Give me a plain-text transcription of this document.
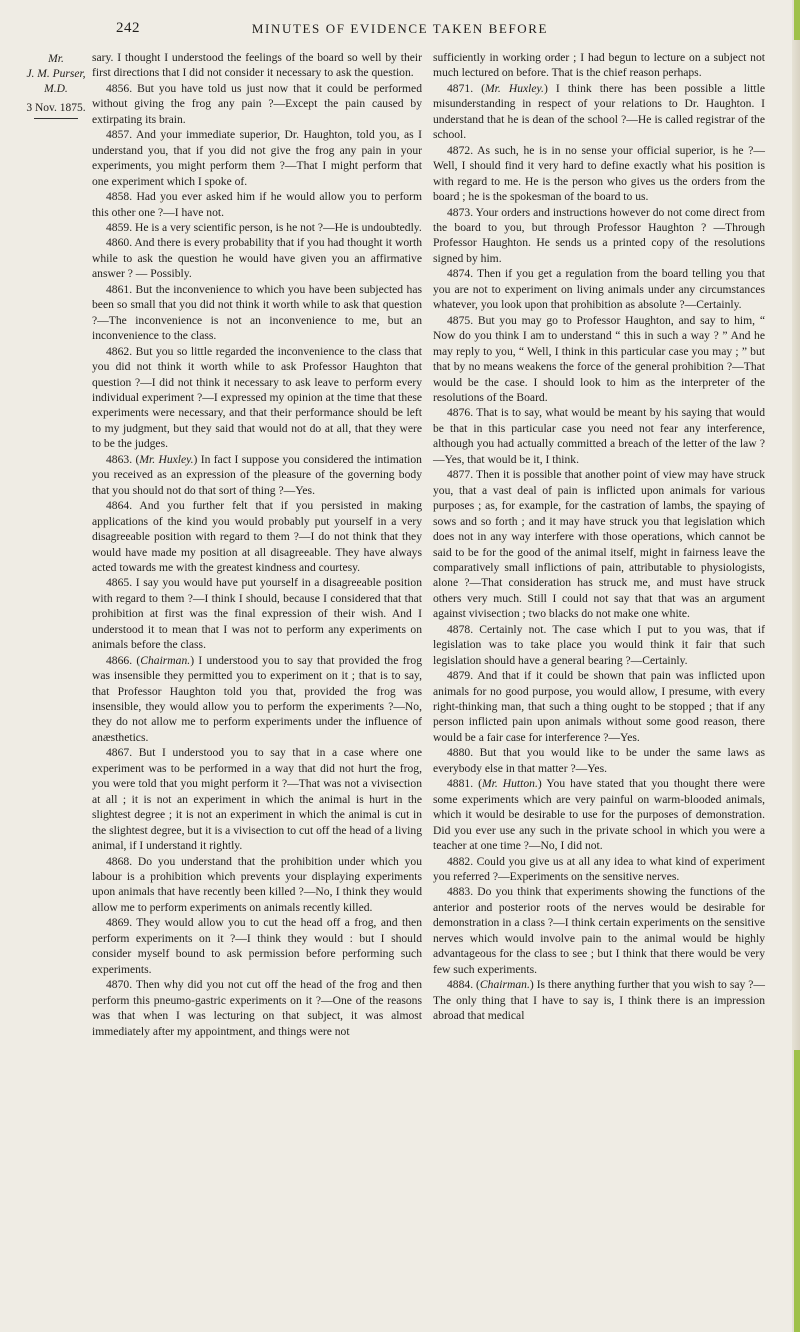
242	MINUTES OF EVIDENCE TAKEN BEFORE
Mr.
J. M. Purser,
M.D.
3 Nov. 1875.

sary. I thought I understood the feelings of the board so well by their first directions that I did not consider it necessary to ask the question.

4856. But you have told us just now that it could be performed without giving the frog any pain ?—Except the pain caused by extirpating its brain.

4857. And your immediate superior, Dr. Haughton, told you, as I understand you, that if you did not give the frog any pain in your experiments, you might perform them ?—That I might perform that one experiment which I spoke of.

4858. Had you ever asked him if he would allow you to perform this other one ?—I have not.

4859. He is a very scientific person, is he not ?—He is undoubtedly.

4860. And there is every probability that if you had thought it worth while to ask the question he would have given you an affirmative answer ? — Possibly.

4861. But the inconvenience to which you have been subjected has been so small that you did not think it worth while to ask that question ?—The inconvenience is not an inconvenience to me, but an inconvenience to the class.

4862. But you so little regarded the inconvenience to the class that you did not think it worth while to ask Professor Haughton that question ?—I did not think it necessary to ask leave to perform every individual experiment ?—I expressed my opinion at the time that these experiments were necessary, and that their performance should be left to my judgment, but they said that would not do at all, that they were to be the judges.

4863. (Mr. Huxley.) In fact I suppose you considered the intimation you received as an expression of the pleasure of the governing body that you should not do that sort of thing ?—Yes.

4864. And you further felt that if you persisted in making applications of the kind you would probably put yourself in a very disagreeable position with regard to them ?—I do not think that they would have made my position at all disagreeable. They have always acted towards me with the greatest kindness and courtesy.

4865. I say you would have put yourself in a disagreeable position with regard to them ?—I think I should, because I considered that that prohibition at first was the final expression of their wish. And I understood it to mean that I was not to perform any experiments on animals before the class.

4866. (Chairman.) I understood you to say that provided the frog was insensible they permitted you to experiment on it ; that is to say, that Professor Haughton told you that, provided the frog was insensible, they would allow you to perform the experiments ?—No, they do not allow me to perform experiments under the influence of anæsthetics.

4867. But I understood you to say that in a case where one experiment was to be performed in a way that did not hurt the frog, you were told that you might perform it ?—That was not a vivisection at all ; it is not an experiment in which the animal is hurt in the slightest degree ; it is not an experiment in which the animal is cut in the slightest degree, but it is a vivisection to cut off the head of a living animal, if I understand it rightly.

4868. Do you understand that the prohibition under which you labour is a prohibition which prevents your displaying experiments upon animals that have recently been killed ?—No, I think they would allow me to perform experiments on animals recently killed.

4869. They would allow you to cut the head off a frog, and then perform experiments on it ?—I think they would : but I should consider myself bound to ask permission before performing such experiments.

4870. Then why did you not cut off the head of the frog and then perform this pneumo-gastric experiments on it ?—One of the reasons was that when I was lecturing on that subject, it was almost immediately after my appointment, and things were not

sufficiently in working order ; I had begun to lecture on a subject not much lectured on before. That is the chief reason perhaps.

4871. (Mr. Huxley.) I think there has been possible a little misunderstanding in respect of your relations to Dr. Haughton. I understand that he is dean of the school ?—He is called registrar of the school.

4872. As such, he is in no sense your official superior, is he ?—Well, I should find it very hard to define exactly what his position is with regard to me. He is the person who gives us the orders from the board ; he is the spokesman of the board to us.

4873. Your orders and instructions however do not come direct from the board to you, but through Professor Haughton ? —Through Professor Haughton. He sends us a printed copy of the resolutions signed by him.

4874. Then if you get a regulation from the board telling you that you are not to experiment on living animals under any circumstances whatever, you look upon that prohibition as absolute ?—Certainly.

4875. But you may go to Professor Haughton, and say to him, “ Now do you think I am to understand “ this in such a way ? ” And he may reply to you, “ Well, I think in this particular case you may ; ” but that by no means weakens the force of the general prohibition ?—That would be the case. I should look to him as the interpreter of the resolutions of the Board.

4876. That is to say, what would be meant by his saying that would be that in this particular case you need not fear any interference, although you had actually committed a breach of the letter of the law ? —Yes, that would be it, I think.

4877. Then it is possible that another point of view may have struck you, that a vast deal of pain is inflicted upon animals for various purposes ; as, for example, for the castration of lambs, the spaying of sows and so forth ; and it may have struck you that legislation which does not in any way interfere with those operations, which cannot be said to be for the good of the animal itself, might in fairness leave the comparatively small inflictions of pain, attributable to physiologists, alone ?—That consideration has struck me, and must have struck others very much. Still I could not say that that was an argument against vivisection ; two blacks do not make one white.

4878. Certainly not. The case which I put to you was, that if legislation was to take place you would think it fair that such legislation should have a general bearing ?—Certainly.

4879. And that if it could be shown that pain was inflicted upon animals for no good purpose, you would allow, I presume, with every right-thinking man, that such a thing ought to be stopped ; that if any person inflicted pain upon animals without some good reason, there would be a fair case for interference ?—Yes.

4880. But that you would like to be under the same laws as everybody else in that matter ?—Yes.

4881. (Mr. Hutton.) You have stated that you thought there were some experiments which are very painful on warm-blooded animals, which it would be desirable to use for the purposes of demonstration. Did you ever use any such in the private school in which you were a teacher at one time ?—No, I did not.

4882. Could you give us at all any idea to what kind of experiment you referred ?—Experiments on the sensitive nerves.

4883. Do you think that experiments showing the functions of the anterior and posterior roots of the nerves would be desirable for demonstration in a class ?—I think certain experiments on the sensitive nerves which would involve pain to the animal would be highly advantageous for the class to see ; but I think that there would be very few such experiments.

4884. (Chairman.) Is there anything further that you wish to say ?—The only thing that I have to say is, I think there is an impression abroad that medical
